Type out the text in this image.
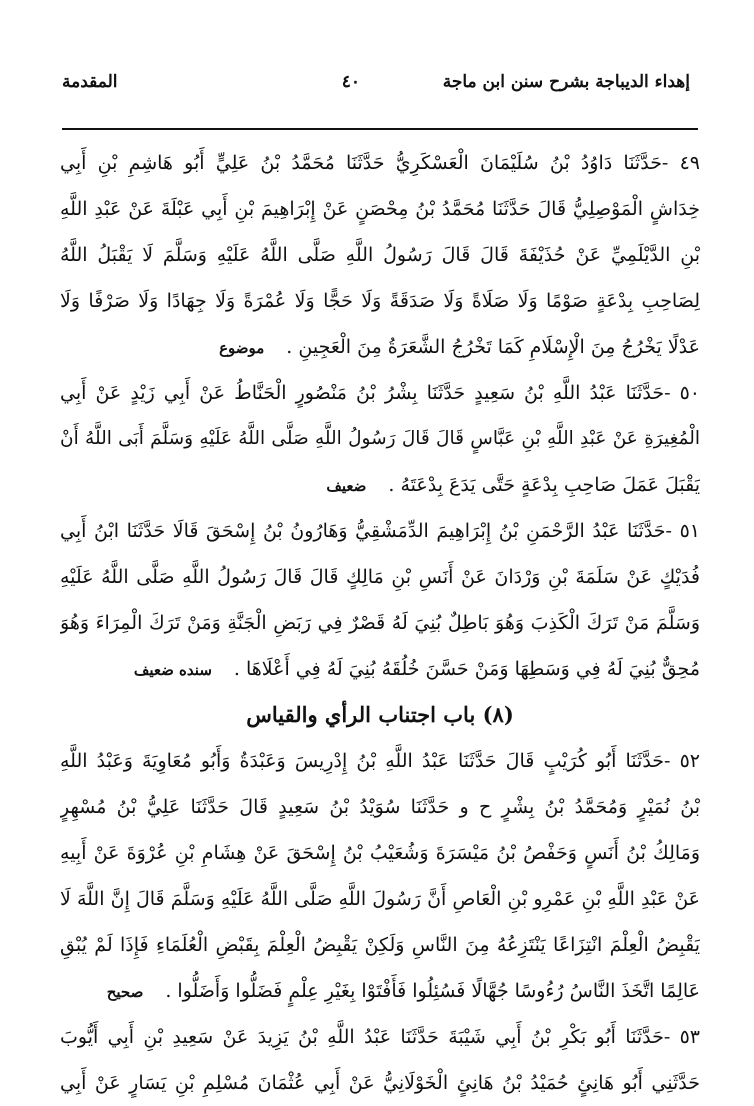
إهداء الديباجة بشرح سنن ابن ماجة
٤٠
المقدمة
٤٩ -حَدَّثَنَا دَاوُدُ بْنُ سُلَيْمَانَ الْعَسْكَرِيُّ حَدَّثَنَا مُحَمَّدُ بْنُ عَلِيٍّ أَبُو هَاشِمِ بْنِ أَبِي
خِدَاشٍ الْمَوْصِلِيُّ قَالَ حَدَّثَنَا مُحَمَّدُ بْنُ مِحْصَنٍ عَنْ إِبْرَاهِيمَ بْنِ أَبِي عَبْلَةَ عَنْ عَبْدِ اللَّهِ
بْنِ الدَّيْلَمِيِّ عَنْ حُذَيْفَةَ قَالَ قَالَ رَسُولُ اللَّهِ صَلَّى اللَّهُ عَلَيْهِ وَسَلَّمَ لَا يَقْبَلُ اللَّهُ
لِصَاحِبِ بِدْعَةٍ صَوْمًا وَلَا صَلَاةً وَلَا صَدَقَةً وَلَا حَجًّا وَلَا عُمْرَةً وَلَا جِهَادًا وَلَا صَرْفًا وَلَا
عَدْلًا يَخْرُجُ مِنَ الْإِسْلَامِ كَمَا تَخْرُجُ الشَّعَرَةُ مِنَ الْعَجِينِ .موضوع
٥٠ -حَدَّثَنَا عَبْدُ اللَّهِ بْنُ سَعِيدٍ حَدَّثَنَا بِشْرُ بْنُ مَنْصُورٍ الْحَنَّاطُ عَنْ أَبِي زَيْدٍ عَنْ أَبِي
الْمُغِيرَةِ عَنْ عَبْدِ اللَّهِ بْنِ عَبَّاسٍ قَالَ قَالَ رَسُولُ اللَّهِ صَلَّى اللَّهُ عَلَيْهِ وَسَلَّمَ أَبَى اللَّهُ أَنْ
يَقْبَلَ عَمَلَ صَاحِبِ بِدْعَةٍ حَتَّى يَدَعَ بِدْعَتَهُ .ضعيف
٥١ -حَدَّثَنَا عَبْدُ الرَّحْمَنِ بْنُ إِبْرَاهِيمَ الدِّمَشْقِيُّ وَهَارُونُ بْنُ إِسْحَقَ قَالَا حَدَّثَنَا ابْنُ أَبِي
فُدَيْكٍ عَنْ سَلَمَةَ بْنِ وَرْدَانَ عَنْ أَنَسِ بْنِ مَالِكٍ قَالَ قَالَ رَسُولُ اللَّهِ صَلَّى اللَّهُ عَلَيْهِ
وَسَلَّمَ مَنْ تَرَكَ الْكَذِبَ وَهُوَ بَاطِلٌ بُنِيَ لَهُ قَصْرٌ فِي رَبَضِ الْجَنَّةِ وَمَنْ تَرَكَ الْمِرَاءَ وَهُوَ
مُحِقٌّ بُنِيَ لَهُ فِي وَسَطِهَا وَمَنْ حَسَّنَ خُلُقَهُ بُنِيَ لَهُ فِي أَعْلَاهَا .سنده ضعيف
(٨) باب اجتناب الرأي والقياس
٥٢ -حَدَّثَنَا أَبُو كُرَيْبٍ قَالَ حَدَّثَنَا عَبْدُ اللَّهِ بْنُ إِدْرِيسَ وَعَبْدَةُ وَأَبُو مُعَاوِيَةَ وَعَبْدُ اللَّهِ
بْنُ نُمَيْرٍ وَمُحَمَّدُ بْنُ بِشْرٍ ح و حَدَّثَنَا سُوَيْدُ بْنُ سَعِيدٍ قَالَ حَدَّثَنَا عَلِيُّ بْنُ مُسْهِرٍ
وَمَالِكُ بْنُ أَنَسٍ وَحَفْصُ بْنُ مَيْسَرَةَ وَشُعَيْبُ بْنُ إِسْحَقَ عَنْ هِشَامِ بْنِ عُرْوَةَ عَنْ أَبِيهِ
عَنْ عَبْدِ اللَّهِ بْنِ عَمْرِو بْنِ الْعَاصِ أَنَّ رَسُولَ اللَّهِ صَلَّى اللَّهُ عَلَيْهِ وَسَلَّمَ قَالَ إِنَّ اللَّهَ لَا
يَقْبِضُ الْعِلْمَ انْتِزَاعًا يَنْتَزِعُهُ مِنَ النَّاسِ وَلَكِنْ يَقْبِضُ الْعِلْمَ بِقَبْضِ الْعُلَمَاءِ فَإِذَا لَمْ يُبْقِ
عَالِمًا اتَّخَذَ النَّاسُ رُءُوسًا جُهَّالًا فَسُئِلُوا فَأَفْتَوْا بِغَيْرِ عِلْمٍ فَضَلُّوا وَأَضَلُّوا .صحيح
٥٣ -حَدَّثَنَا أَبُو بَكْرِ بْنُ أَبِي شَيْبَةَ حَدَّثَنَا عَبْدُ اللَّهِ بْنُ يَزِيدَ عَنْ سَعِيدِ بْنِ أَبِي أَيُّوبَ
حَدَّثَنِي أَبُو هَانِئٍ حُمَيْدُ بْنُ هَانِئٍ الْخَوْلَانِيُّ عَنْ أَبِي عُثْمَانَ مُسْلِمِ بْنِ يَسَارٍ عَنْ أَبِي
